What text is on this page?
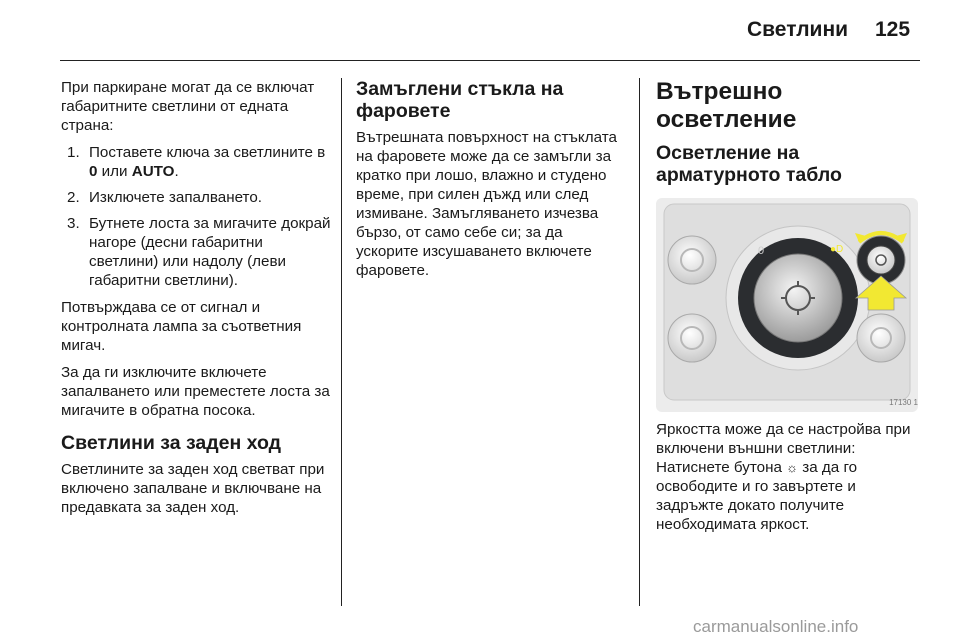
Светлини 125

При паркиране могат да се включат габаритните светлини от едната страна:

1. Поставете ключа за светлините в 0 или AUTO.
2. Изключете запалването.
3. Бутнете лоста за мигачите докрай нагоре (десни габаритни светлини) или надолу (леви габаритни светлини).

Потвърждава се от сигнал и контролната лампа за съответния мигач.

За да ги изключите включете запалването или преместете лоста за мигачите в обратна посока.

Светлини за заден ход

Светлините за заден ход светват при включено запалване и включване на предавката за заден ход.

Замъглени стъкла на фаровете

Вътрешната повърхност на стъклата на фаровете може да се замъгли за кратко при лошо, влажно и студено време, при силен дъжд или след измиване. Замъгляването изчезва бързо, от само себе си; за да ускорите изсушаването включете фаровете.

Вътрешно осветление
Осветление на арматурното табло
0	●D
17130 1

Яркостта може да се настройва при включени външни светлини: Натиснете бутона ☼ за да го освободите и го завъртете и задръжте докато получите необходимата яркост.

carmanualsonline.info
